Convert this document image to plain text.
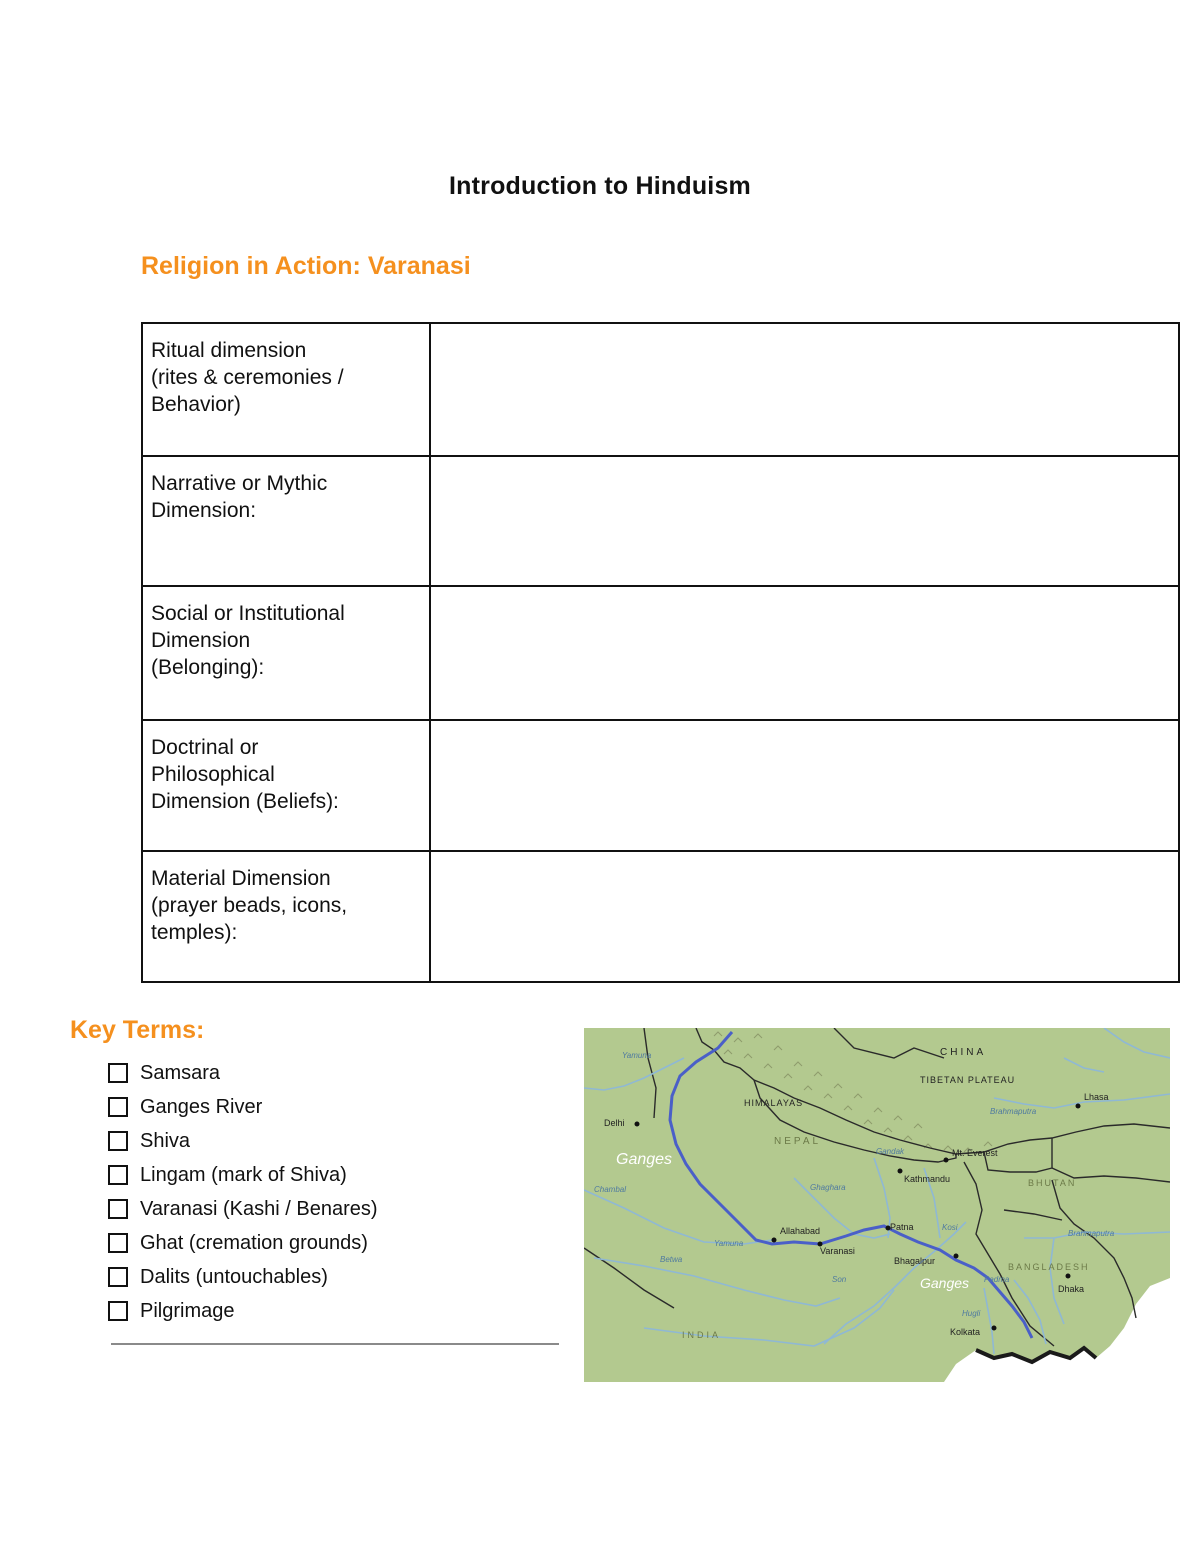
Introduction to Hinduism
Religion in Action: Varanasi
Ritual dimension
(rites & ceremonies /
Behavior)	

Narrative or Mythic
Dimension:	

Social or Institutional
Dimension
(Belonging):	

Doctrinal or
Philosophical
Dimension (Beliefs):	

Material Dimension
(prayer beads, icons,
temples):	

Key Terms:
Samsara
Ganges River
Shiva
Lingam (mark of Shiva)
Varanasi (Kashi / Benares)
Ghat (cremation grounds)
Dalits (untouchables)
Pilgrimage
CHINA
TIBETAN PLATEAU
HIMALAYAS
NEPAL
BHUTAN
BANGLADESH
INDIA
Delhi
Lhasa
Kathmandu
Mt. Everest
Allahabad
Varanasi
Patna
Bhagalpur
Dhaka
Kolkata
Ganges
Ganges
Yamuna
Yamuna
Chambal
Betwa
Son
Ghaghara
Gandak
Kosi
Hugli
Padma
Brahmaputra
Brahmaputra
